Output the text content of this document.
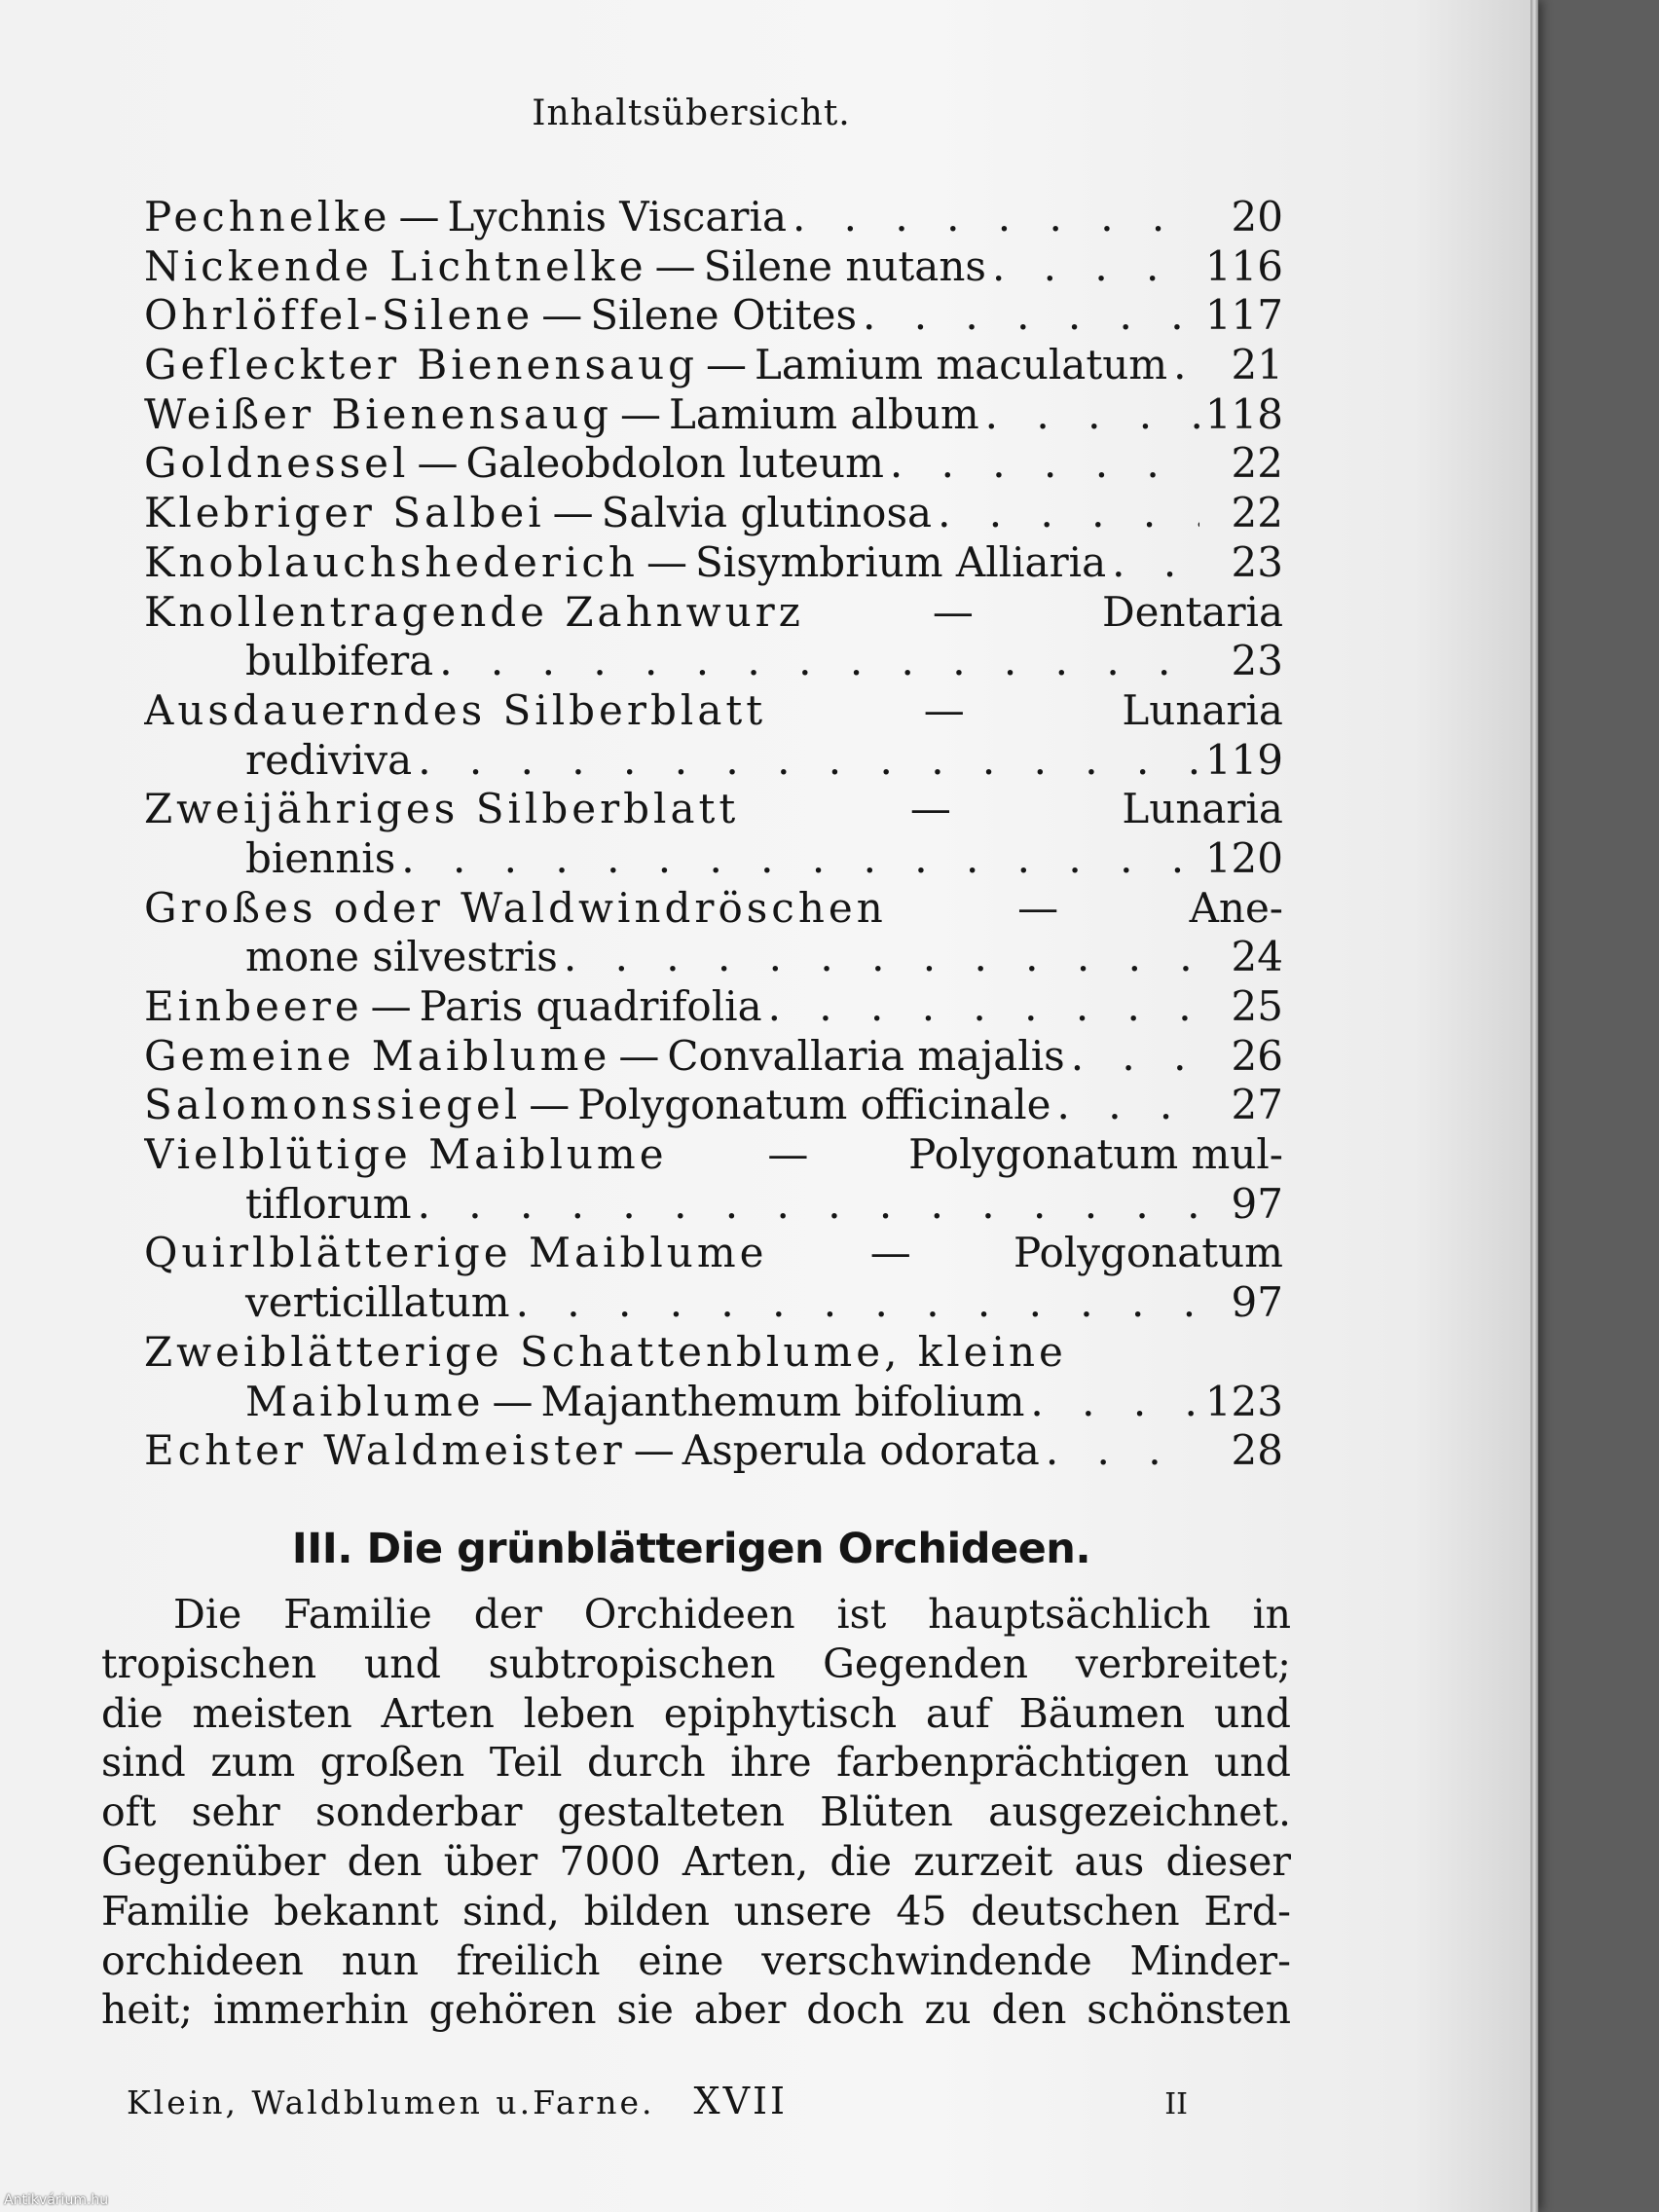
Inhaltsübersicht.
Pechnelke — Lychnis Viscaria . . .	20
Nickende Lichtnelke — Silene nutans . . .	116
Ohrlöffel-Silene — Silene Otites . . .	117
Gefleckter Bienensaug — Lamium maculatum . . .	21
Weißer Bienensaug — Lamium album . . .	118
Goldnessel — Galeobdolon luteum . . .	22
Klebriger Salbei — Salvia glutinosa . . .	22
Knoblauchshederich — Sisymbrium Alliaria . . .	23
Knollentragende Zahnwurz	—	Dentaria
bulbifera . . .	23
Ausdauerndes Silberblatt	—	Lunaria
rediviva . . .	119
Zweijähriges Silberblatt	—	Lunaria
biennis . . .	120
Großes oder Waldwindröschen	—	Ane-
mone silvestris . . .	24
Einbeere — Paris quadrifolia . . .	25
Gemeine Maiblume — Convallaria majalis . . .	26
Salomonssiegel — Polygonatum officinale . . .	27
Vielblütige Maiblume — Polygonatum mul-
tiflorum . . .	97
Quirlblätterige Maiblume	—	Polygonatum
verticillatum . . .	97
Zweiblätterige Schattenblume, kleine
Maiblume — Majanthemum bifolium . . .	123
Echter Waldmeister — Asperula odorata . . .	28
III. Die grünblätterigen Orchideen.
Die Familie der Orchideen ist hauptsächlich in
tropischen und subtropischen Gegenden verbreitet;
die meisten Arten leben epiphytisch auf Bäumen und
sind zum großen Teil durch ihre farbenprächtigen und
oft sehr sonderbar gestalteten Blüten ausgezeichnet.
Gegenüber den über 7000 Arten, die zurzeit aus dieser
Familie bekannt sind, bilden unsere 45 deutschen Erd-
orchideen nun freilich eine verschwindende Minder-
heit; immerhin gehören sie aber doch zu den schönsten
Klein, Waldblumen u.Farne. XVII	II
Antikvárium.hu
